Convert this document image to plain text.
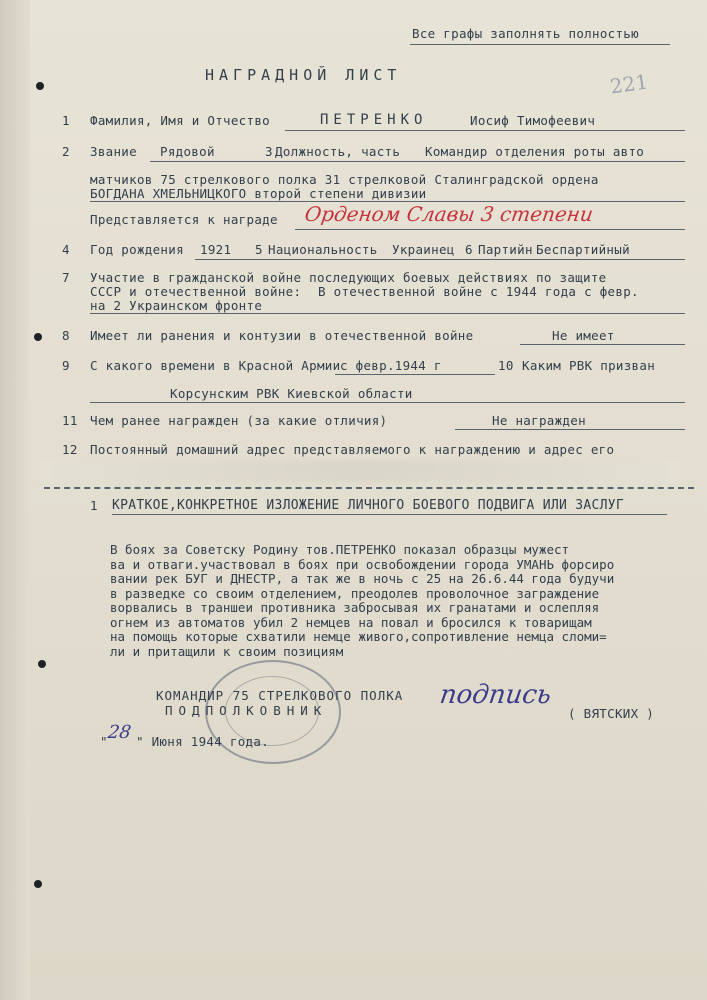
Все графы заполнять полностью
НАГРАДНОЙ ЛИСТ	221
1 Фамилия, Имя и Отчество	ПЕТРЕНКО	Иосиф Тимофеевич
2 Звание Рядовой	3 Должность, часть Командир отделения роты авто
матчиков 75 стрелкового полка 31 стрелковой Сталинградской ордена
БОГДАНА ХМЕЛЬНИЦКОГО второй степени дивизии
Представляется к награде Орденом Славы 3 степени
4 Год рождения 1921 5 Национальность Украинец 6 Партийн Беспартийный
7 Участие в гражданской войне последующих боевых действиях по защите
СССР и отечественной войне: В отечественной войне с 1944 года с февр.
на 2 Украинском фронте
8 Имеет ли ранения и контузии в отечественной войне	Не имеет
9 С какого времени в Красной Армии с февр.1944 г	10 Каким РВК призван
Корсунским РВК Киевской области
11 Чем ранее награжден (за какие отличия)	Не награжден
12 Постоянный домашний адрес представляемого к награждению и адрес его
1 КРАТКОЕ,КОНКРЕТНОЕ ИЗЛОЖЕНИЕ ЛИЧНОГО БОЕВОГО ПОДВИГА ИЛИ ЗАСЛУГ
В боях за Советску Родину тов.ПЕТРЕНКО показал образцы мужест
ва и отваги.участвовал в боях при освобождении города УМАНЬ форсиро
вании рек БУГ и ДНЕСТР, а так же в ночь с 25 на 26.6.44 года будучи
в разведке со своим отделением, преодолев проволочное заграждение
ворвались в траншеи противника забросывая их гранатами и ослепляя
огнем из автоматов убил 2 немцев на повал и бросился к товарищам
на помощь которые схватили немце живого,сопротивление немца сломи=
ли и притащили к своим позициям
КОМАНДИР 75 СТРЕЛКОВОГО ПОЛКА
ПОДПОЛКОВНИК
подпись
( ВЯТСКИХ )
"
28 " Июня 1944 года.
